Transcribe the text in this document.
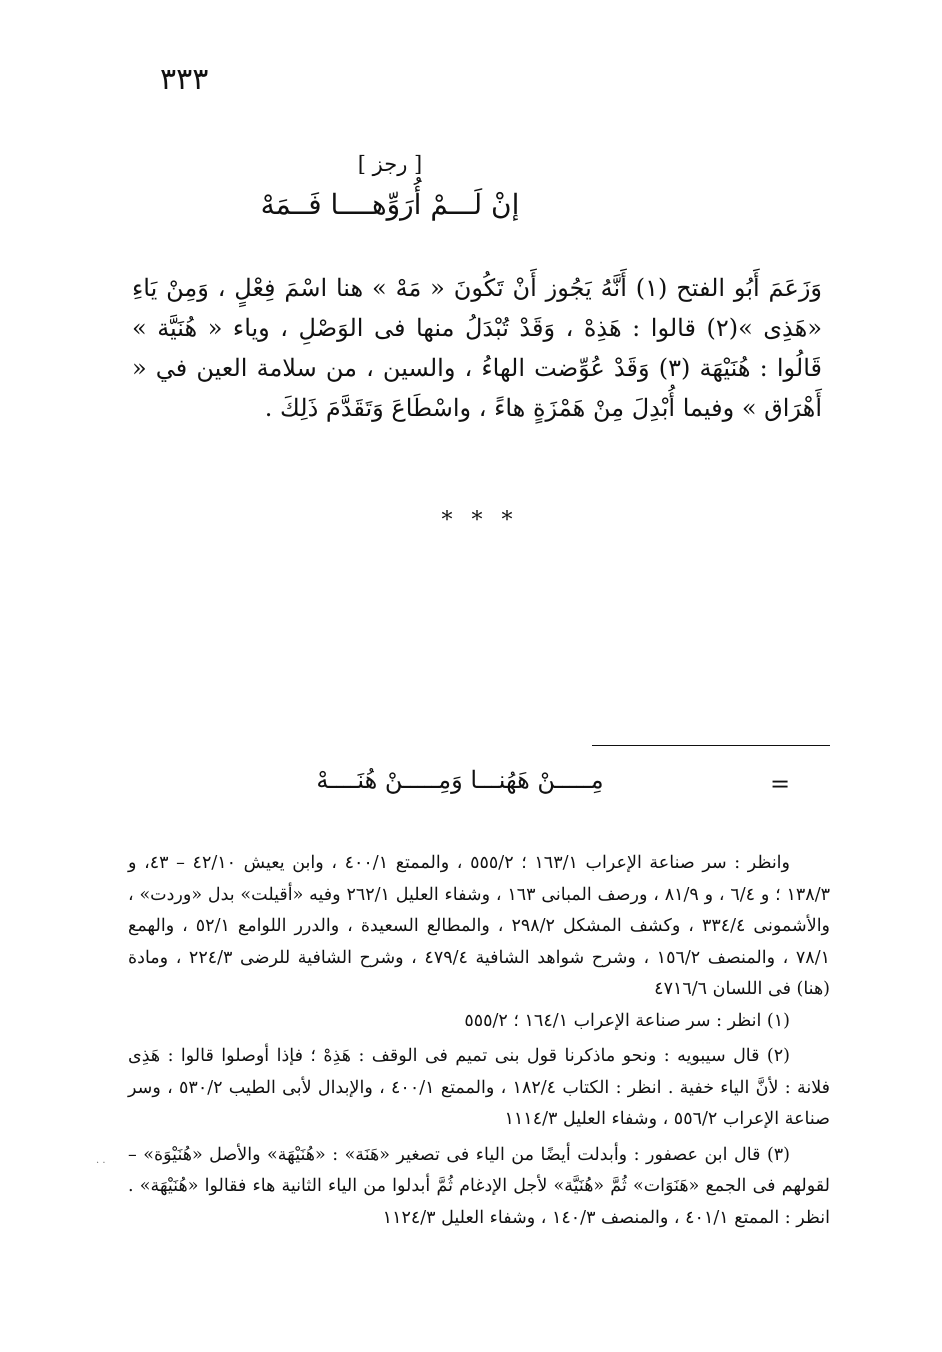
٣٣٣
[ رجز ]
إنْ لَـــمْ أُرَوِّهــــا فَــمَهْ

وَزَعَمَ أَبُو الفتح (١) أَنَّهُ يَجُوز أَنْ تَكُونَ « مَهْ » هنا اسْمَ فِعْلٍ ، وَمِنْ يَاءِ «هَذِى »(٢) قالوا : هَذِهْ ، وَقَدْ تُبْدَلُ منها فى الوَصْلِ ، وياء « هُنَيَّة » قَالُوا : هُنَيْهَة (٣) وَقَدْ عُوِّضت الهاءُ ، والسين ، من سلامة العين في « أَهْرَاق » وفيما أُبْدِلَ مِنْ هَمْزَةٍ هاءً ، واسْطَاعَ وَتَقَدَّمَ ذَلِكَ .

* * *
=
مِـــــنْ هَهُنـــا وَمِـــــنْ هُنَــــهْ

وانظر : سر صناعة الإعراب ١٦٣/١ ؛ ٥٥٥/٢ ، والممتع ٤٠٠/١ ، وابن يعيش ٤٢/١٠ – ٤٣، و ١٣٨/٣ ؛ و ٦/٤ ، و ٨١/٩ ، ورصف المبانى ١٦٣ ، وشفاء العليل ٢٦٢/١ وفيه «أقيلت» بدل «وردت» ، والأشمونى ٣٣٤/٤ ، وكشف المشكل ٢٩٨/٢ ، والمطالع السعيدة ، والدرر اللوامع ٥٢/١ ، والهمع ٧٨/١ ، والمنصف ١٥٦/٢ ، وشرح شواهد الشافية ٤٧٩/٤ ، وشرح الشافية للرضى ٢٢٤/٣ ، ومادة (هنا) فى اللسان ٤٧١٦/٦

(١) انظر : سر صناعة الإعراب ١٦٤/١ ؛ ٥٥٥/٢

(٢) قال سيبويه : ونحو ماذكرنا قول بنى تميم فى الوقف : هَذِهْ ؛ فإذا أوصلوا قالوا : هَذِى فلانة : لأنَّ الياء خفية . انظر : الكتاب ١٨٢/٤ ، والممتع ٤٠٠/١ ، والإبدال لأبى الطيب ٥٣٠/٢ ، وسر صناعة الإعراب ٥٥٦/٢ ، وشفاء العليل ١١١٤/٣

(٣) قال ابن عصفور : وأبدلت أيضًا من الياء فى تصغير «هَنَة» : «هُنَيْهَة» والأصل «هُنَيْوَة» – لقولهم فى الجمع «هَنَوَات» ثُمَّ «هُنَيَّة» لأجل الإدغام ثُمَّ أبدلوا من الياء الثانية هاء فقالوا «هُنَيْهَة» . انظر : الممتع ٤٠١/١ ، والمنصف ١٤٠/٣ ، وشفاء العليل ١١٢٤/٣

· ·
